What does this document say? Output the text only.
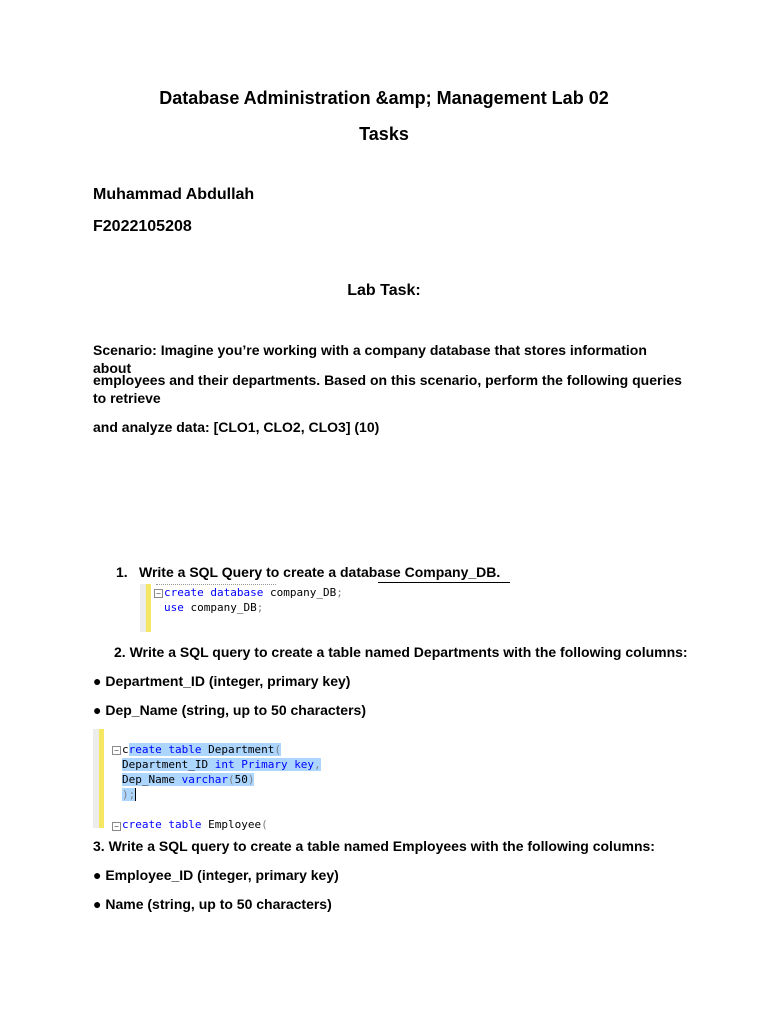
Database Administration &amp; Management Lab 02
Tasks
Muhammad Abdullah
F2022105208
Lab Task:
Scenario: Imagine you’re working with a company database that stores information about
employees and their departments. Based on this scenario, perform the following queries to retrieve
and analyze data: [CLO1, CLO2, CLO3] (10)
1. Write a SQL Query to create a database Company_DB.
− create database company_DB;
use company_DB;
2. Write a SQL query to create a table named Departments with the following columns:
● Department_ID (integer, primary key)
● Dep_Name (string, up to 50 characters)
− create table Department(
Department_ID int Primary key,
Dep_Name varchar(50)
);
− create table Employee(
3. Write a SQL query to create a table named Employees with the following columns:
● Employee_ID (integer, primary key)
● Name (string, up to 50 characters)
